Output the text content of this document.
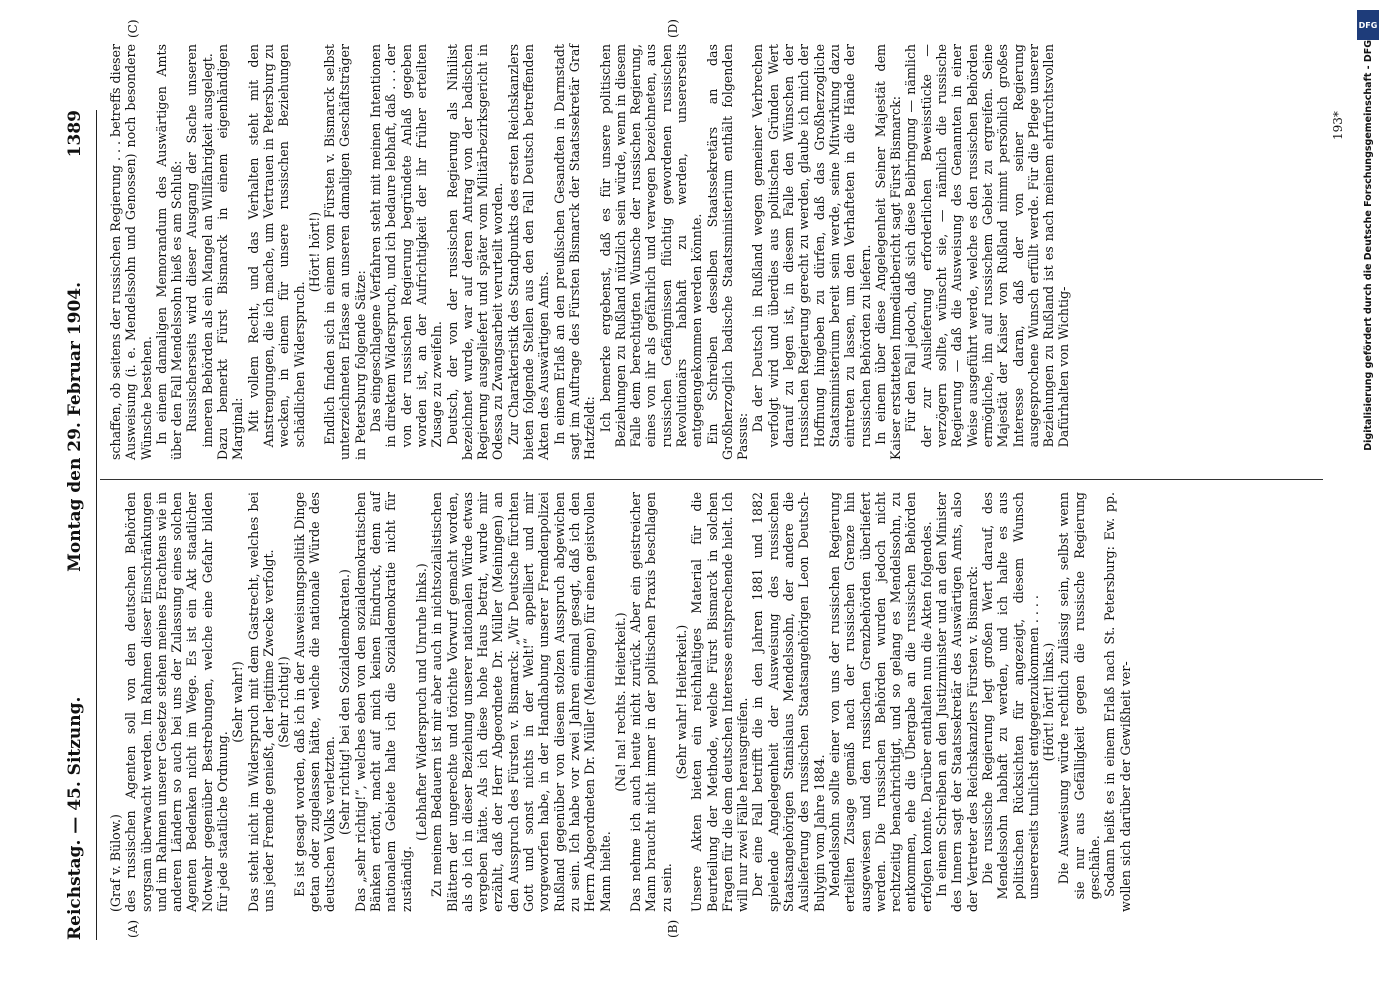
Reichstag. — 45. Sitzung.
Montag den 29. Februar 1904.
1389
(A)	(B)
(C)	(D)

(Graf v. Bülow.) des russischen Agenten soll von den deutschen Behörden sorgsam überwacht werden. Im Rahmen dieser Einschränkungen und im Rahmen unserer Gesetze stehen meines Erachtens wie in anderen Ländern so auch bei uns der Zulassung eines solchen Agenten Bedenken nicht im Wege. Es ist ein Akt staatlicher Notwehr gegenüber Bestrebungen, welche eine Gefahr bilden für jede staatliche Ordnung.

(Sehr wahr!) Das steht nicht im Widerspruch mit dem Gastrecht, welches bei uns jeder Fremde genießt, der legitime Zwecke verfolgt. (Sehr richtig!) Es ist gesagt worden, daß ich in der Ausweisungspolitik Dinge getan oder zugelassen hätte, welche die nationale Würde des deutschen Volks verletzten. (Sehr richtig! bei den Sozialdemokraten.) Das „sehr richtig!“, welches eben von den sozialdemokratischen Bänken ertönt, macht auf mich keinen Eindruck, denn auf nationalem Gebiete halte ich die Sozialdemokratie nicht für zuständig.

(Lebhafter Widerspruch und Unruhe links.) Zu meinem Bedauern ist mir aber auch in nichtsozialistischen Blättern der ungerechte und törichte Vorwurf gemacht worden, als ob ich in dieser Beziehung unserer nationalen Würde etwas vergeben hätte. Als ich diese hohe Haus betrat, wurde mir erzählt, daß der Herr Abgeordnete Dr. Müller (Meiningen) an den Ausspruch des Fürsten v. Bismarck: „Wir Deutsche fürchten Gott und sonst nichts in der Welt!“ appelliert und mir vorgeworfen habe, in der Handhabung unserer Fremdenpolizei Rußland gegenüber von diesem stolzen Ausspruch abgewichen zu sein. Ich habe vor zwei Jahren einmal gesagt, daß ich den Herrn Abgeordneten Dr. Müller (Meiningen) für einen geistvollen Mann hielte.

(Na! na! rechts. Heiterkeit.) Das nehme ich auch heute nicht zurück. Aber ein geistreicher Mann braucht nicht immer in der politischen Praxis beschlagen zu sein.

(Sehr wahr! Heiterkeit.) Unsere Akten bieten ein reichhaltiges Material für die Beurteilung der Methode, welche Fürst Bismarck in solchen Fragen für die dem deutschen Interesse entsprechende hielt. Ich will nur zwei Fälle herausgreifen. Der eine Fall betrifft die in den Jahren 1881 und 1882 spielende Angelegenheit der Ausweisung des russischen Staatsangehörigen Stanislaus Mendelssohn, der andere die Auslieferung des russischen Staatsangehörigen Leon Deutsch-Bulygin vom Jahre 1884. Mendelssohn sollte einer von uns der russischen Regierung erteilten Zusage gemäß nach der russischen Grenze hin ausgewiesen und den russischen Grenzbehörden überliefert werden. Die russischen Behörden wurden jedoch nicht rechtzeitig benachrichtigt, und so gelang es Mendelssohn, zu entkommen, ehe die Übergabe an die russischen Behörden erfolgen konnte. Darüber enthalten nun die Akten folgendes. In einem Schreiben an den Justizminister und an den Minister des Innern sagt der Staatssekretär des Auswärtigen Amts, also der Vertreter des Reichskanzlers Fürsten v. Bismarck: Die russische Regierung legt großen Wert darauf, des Mendelssohn habhaft zu werden, und ich halte es aus politischen Rücksichten für angezeigt, diesem Wunsch unsererseits tunlichst entgegenzukommen . . . . (Hört! hört! links.) Die Ausweisung würde rechtlich zulässig sein, selbst wenn sie nur aus Gefälligkeit gegen die russische Regierung geschähe. Sodann heißt es in einem Erlaß nach St. Petersburg: Ew. pp. wollen sich darüber der Gewißheit ver-

schaffen, ob seitens der russischen Regierung . . . betreffs dieser Ausweisung (i. e. Mendelssohn und Genossen) noch besondere Wünsche bestehen. In einem damaligen Memorandum des Auswärtigen Amts über den Fall Mendelssohn hieß es am Schluß: Russischerseits wird dieser Ausgang der Sache unseren inneren Behörden als ein Mangel an Willfährigkeit ausgelegt. Dazu bemerkt Fürst Bismarck in einem eigenhändigen Marginal: Mit vollem Recht, und das Verhalten steht mit den Anstrengungen, die ich mache, um Vertrauen in Petersburg zu wecken, in einem für unsere russischen Beziehungen schädlichen Widerspruch.

(Hört! hört!) Endlich finden sich in einem vom Fürsten v. Bismarck selbst unterzeichneten Erlasse an unseren damaligen Geschäftsträger in Petersburg folgende Sätze: Das eingeschlagene Verfahren steht mit meinen Intentionen in direktem Widerspruch, und ich bedaure lebhaft, daß . . . der von der russischen Regierung begründete Anlaß gegeben worden ist, an der Aufrichtigkeit der ihr früher erteilten Zusage zu zweifeln. Deutsch, der von der russischen Regierung als Nihilist bezeichnet wurde, war auf deren Antrag von der badischen Regierung ausgeliefert und später vom Militärbezirksgericht in Odessa zu Zwangsarbeit verurteilt worden. Zur Charakteristik des Standpunkts des ersten Reichskanzlers bieten folgende Stellen aus den den Fall Deutsch betreffenden Akten des Auswärtigen Amts. In einem Erlaß an den preußischen Gesandten in Darmstadt sagt im Auftrage des Fürsten Bismarck der Staatssekretär Graf Hatzfeldt: Ich bemerke ergebenst, daß es für unsere politischen Beziehungen zu Rußland nützlich sein würde, wenn in diesem Falle dem berechtigten Wunsche der russischen Regierung, eines von ihr als gefährlich und verwegen bezeichneten, aus russischen Gefängnissen flüchtig gewordenen russischen Revolutionärs habhaft zu werden, unsererseits entgegengekommen werden könnte. Ein Schreiben desselben Staatssekretärs an das Großherzoglich badische Staatsministerium enthält folgenden Passus:

Da der Deutsch in Rußland wegen gemeiner Verbrechen verfolgt wird und überdies aus politischen Gründen Wert darauf zu legen ist, in diesem Falle den Wünschen der russischen Regierung gerecht zu werden, glaube ich mich der Hoffnung hingeben zu dürfen, daß das Großherzogliche Staatsministerium bereit sein werde, seine Mitwirkung dazu eintreten zu lassen, um den Verhafteten in die Hände der russischen Behörden zu liefern. In einem über diese Angelegenheit Seiner Majestät dem Kaiser erstatteten Immediatbericht sagt Fürst Bismarck: Für den Fall jedoch, daß sich diese Beibringung — nämlich der zur Auslieferung erforderlichen Beweisstücke — verzögern sollte, wünscht sie, — nämlich die russische Regierung — daß die Ausweisung des Genannten in einer Weise ausgeführt werde, welche es den russischen Behörden ermögliche, ihn auf russischem Gebiet zu ergreifen. Seine Majestät der Kaiser von Rußland nimmt persönlich großes Interesse daran, daß der von seiner Regierung ausgesprochene Wunsch erfüllt werde. Für die Pflege unserer Beziehungen zu Rußland ist es nach meinem ehrfurchtsvollen Dafürhalten von Wichtig-

193*	Digitalisierung gefördert durch die Deutsche Forschungsgemeinschaft - DFG
DFG
